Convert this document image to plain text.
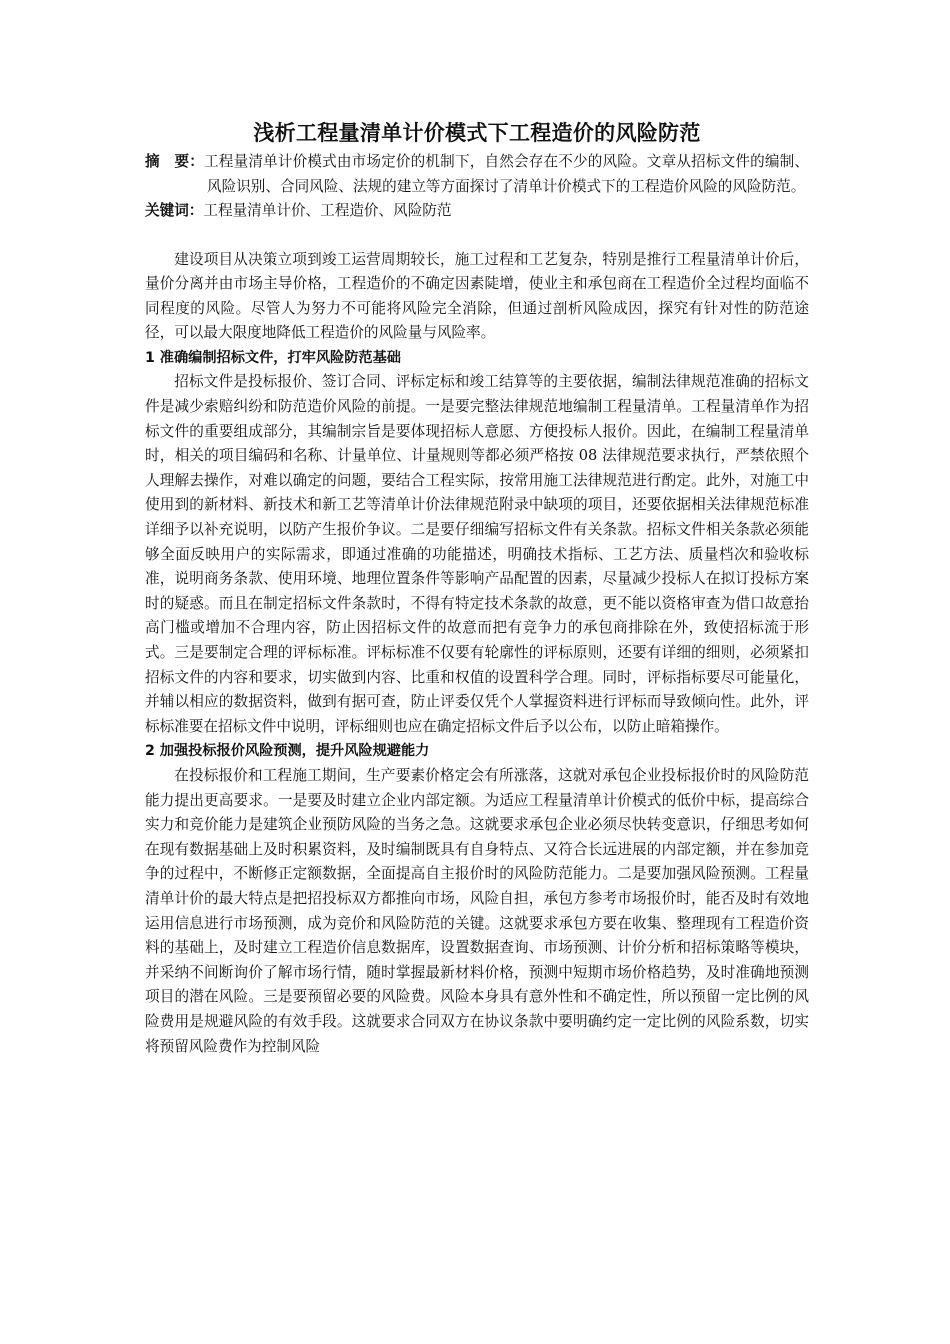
浅析工程量清单计价模式下工程造价的风险防范

摘　要：工程量清单计价模式由市场定价的机制下，自然会存在不少的风险。文章从招标文件的编制、风险识别、合同风险、法规的建立等方面探讨了清单计价模式下的工程造价风险的风险防范。

关键词：工程量清单计价、工程造价、风险防范

建设项目从决策立项到竣工运营周期较长，施工过程和工艺复杂，特别是推行工程量清单计价后，量价分离并由市场主导价格，工程造价的不确定因素陡增，使业主和承包商在工程造价全过程均面临不同程度的风险。尽管人为努力不可能将风险完全消除，但通过剖析风险成因，探究有针对性的防范途径，可以最大限度地降低工程造价的风险量与风险率。

1 准确编制招标文件，打牢风险防范基础

招标文件是投标报价、签订合同、评标定标和竣工结算等的主要依据，编制法律规范准确的招标文件是减少索赔纠纷和防范造价风险的前提。一是要完整法律规范地编制工程量清单。工程量清单作为招标文件的重要组成部分，其编制宗旨是要体现招标人意愿、方便投标人报价。因此，在编制工程量清单时，相关的项目编码和名称、计量单位、计量规则等都必须严格按 08 法律规范要求执行，严禁依照个人理解去操作，对难以确定的问题，要结合工程实际，按常用施工法律规范进行酌定。此外，对施工中使用到的新材料、新技术和新工艺等清单计价法律规范附录中缺项的项目，还要依据相关法律规范标准详细予以补充说明，以防产生报价争议。二是要仔细编写招标文件有关条款。招标文件相关条款必须能够全面反映用户的实际需求，即通过准确的功能描述，明确技术指标、工艺方法、质量档次和验收标准，说明商务条款、使用环境、地理位置条件等影响产品配置的因素，尽量减少投标人在拟订投标方案时的疑惑。而且在制定招标文件条款时，不得有特定技术条款的故意，更不能以资格审查为借口故意抬高门槛或增加不合理内容，防止因招标文件的故意而把有竞争力的承包商排除在外，致使招标流于形式。三是要制定合理的评标标准。评标标准不仅要有轮廓性的评标原则，还要有详细的细则，必须紧扣招标文件的内容和要求，切实做到内容、比重和权值的设置科学合理。同时，评标指标要尽可能量化，并辅以相应的数据资料，做到有据可查，防止评委仅凭个人掌握资料进行评标而导致倾向性。此外，评标标准要在招标文件中说明，评标细则也应在确定招标文件后予以公布，以防止暗箱操作。

2 加强投标报价风险预测，提升风险规避能力

在投标报价和工程施工期间，生产要素价格定会有所涨落，这就对承包企业投标报价时的风险防范能力提出更高要求。一是要及时建立企业内部定额。为适应工程量清单计价模式的低价中标，提高综合实力和竞价能力是建筑企业预防风险的当务之急。这就要求承包企业必须尽快转变意识，仔细思考如何在现有数据基础上及时积累资料，及时编制既具有自身特点、又符合长远进展的内部定额，并在参加竞争的过程中，不断修正定额数据，全面提高自主报价时的风险防范能力。二是要加强风险预测。工程量清单计价的最大特点是把招投标双方都推向市场，风险自担，承包方参考市场报价时，能否及时有效地运用信息进行市场预测，成为竞价和风险防范的关键。这就要求承包方要在收集、整理现有工程造价资料的基础上，及时建立工程造价信息数据库，设置数据查询、市场预测、计价分析和招标策略等模块，并采纳不间断询价了解市场行情，随时掌握最新材料价格，预测中短期市场价格趋势，及时准确地预测项目的潜在风险。三是要预留必要的风险费。风险本身具有意外性和不确定性，所以预留一定比例的风险费用是规避风险的有效手段。这就要求合同双方在协议条款中要明确约定一定比例的风险系数，切实将预留风险费作为控制风险
